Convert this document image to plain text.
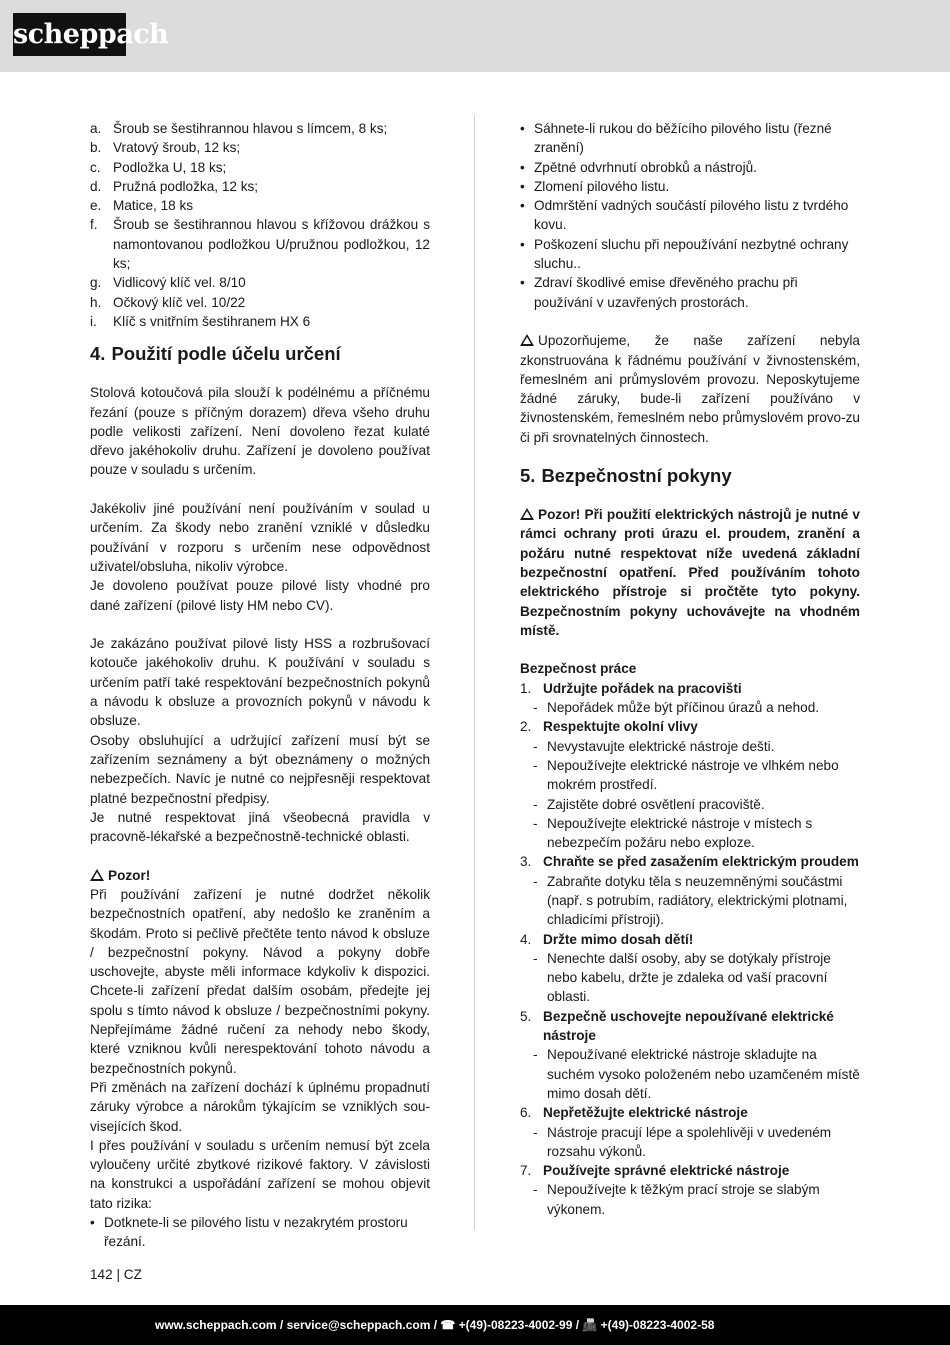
scheppach
a. Šroub se šestihrannou hlavou s límcem, 8 ks;
b. Vratový šroub, 12 ks;
c. Podložka U, 18 ks;
d. Pružná podložka, 12 ks;
e. Matice, 18 ks
f. Šroub se šestihrannou hlavou s křížovou drážkou s namontovanou podložkou U/pružnou podložkou, 12 ks;
g. Vidlicový klíč vel. 8/10
h. Očkový klíč vel. 10/22
i. Klíč s vnitřním šestihranem HX 6
4. Použití podle účelu určení

Stolová kotoučová pila slouží k podélnému a příčnému řezání (pouze s příčným dorazem) dřeva všeho druhu podle velikosti zařízení. Není dovoleno řezat kulaté dřevo jakéhokoliv druhu. Zařízení je dovoleno používat pouze v souladu s určením.

Jakékoliv jiné používání není používáním v soulad u určením. Za škody nebo zranění vzniklé v důsledku používání v rozporu s určením nese odpovědnost uživatel/obsluha, nikoliv výrobce.

Je dovoleno používat pouze pilové listy vhodné pro dané zařízení (pilové listy HM nebo CV).

Je zakázáno používat pilové listy HSS a rozbrušovací kotouče jakéhokoliv druhu. K používání v souladu s určením patří také respektování bezpečnostních pokynů a návodu k obsluze a provozních pokynů v návodu k obsluze.

Osoby obsluhující a udržující zařízení musí být se zařízením seznámeny a být obeznámeny o možných nebezpečích. Navíc je nutné co nejpřesněji respektovat platné bezpečnostní předpisy.

Je nutné respektovat jiná všeobecná pravidla v pracovně-lékařské a bezpečnostně-technické oblasti.

Pozor!

Při používání zařízení je nutné dodržet několik bezpečnostních opatření, aby nedošlo ke zraněním a škodám. Proto si pečlivě přečtěte tento návod k obsluze / bezpečnostní pokyny. Návod a pokyny dobře uschovejte, abyste měli informace kdykoliv k dispozici. Chcete-li zařízení předat dalším osobám, předejte jej spolu s tímto návod k obsluze / bezpečnostními pokyny. Nepřejímáme žádné ručení za nehody nebo škody, které vzniknou kvůli nerespektování tohoto návodu a bezpečnostních pokynů.

Při změnách na zařízení dochází k úplnému propadnutí záruky výrobce a nárokům týkajícím se vzniklých sou-visejících škod.

I přes používání v souladu s určením nemusí být zcela vyloučeny určité zbytkové rizikové faktory. V závislosti na konstrukci a uspořádání zařízení se mohou objevit tato rizika:

• Dotknete-li se pilového listu v nezakrytém prostoru řezání.
• Sáhnete-li rukou do běžícího pilového listu (řezné zranění)
• Zpětné odvrhnutí obrobků a nástrojů.
• Zlomení pilového listu.
• Odmrštění vadných součástí pilového listu z tvrdého kovu.
• Poškození sluchu při nepoužívání nezbytné ochrany sluchu..
• Zdraví škodlivé emise dřevěného prachu při používání v uzavřených prostorách.

Upozorňujeme, že naše zařízení nebyla zkonstruována k řádnému používání v živnostenském, řemeslném ani průmyslovém provozu. Neposkytujeme žádné záruky, bude-li zařízení používáno v živnostenském, řemeslném nebo průmyslovém provo-zu či při srovnatelných činnostech.

5. Bezpečnostní pokyny

Pozor! Při použití elektrických nástrojů je nutné v rámci ochrany proti úrazu el. proudem, zranění a požáru nutné respektovat níže uvedená základní bezpečnostní opatření. Před používáním tohoto elektrického přístroje si pročtěte tyto pokyny. Bezpečnostním pokyny uchovávejte na vhodném místě.

Bezpečnost práce

1. Udržujte pořádek na pracovišti
- Nepořádek může být příčinou úrazů a nehod.
2. Respektujte okolní vlivy
- Nevystavujte elektrické nástroje dešti.
- Nepoužívejte elektrické nástroje ve vlhkém nebo mokrém prostředí.
- Zajistěte dobré osvětlení pracoviště.
- Nepoužívejte elektrické nástroje v místech s nebezpečím požáru nebo exploze.
3. Chraňte se před zasažením elektrickým proudem
- Zabraňte dotyku těla s neuzemněnými součástmi (např. s potrubím, radiátory, elektrickými plotnami, chladicími přístroji).
4. Držte mimo dosah dětí!
- Nenechte další osoby, aby se dotýkaly přístroje nebo kabelu, držte je zdaleka od vaší pracovní oblasti.
5. Bezpečně uschovejte nepoužívané elektrické nástroje
- Nepoužívané elektrické nástroje skladujte na suchém vysoko položeném nebo uzamčeném místě mimo dosah dětí.
6. Nepřetěžujte elektrické nástroje
- Nástroje pracují lépe a spolehlivěji v uvedeném rozsahu výkonů.
7. Používejte správné elektrické nástroje
- Nepoužívejte k těžkým prací stroje se slabým výkonem.
142 | CZ
www.scheppach.com / service@scheppach.com / ☎ +(49)-08223-4002-99 / 📠 +(49)-08223-4002-58
